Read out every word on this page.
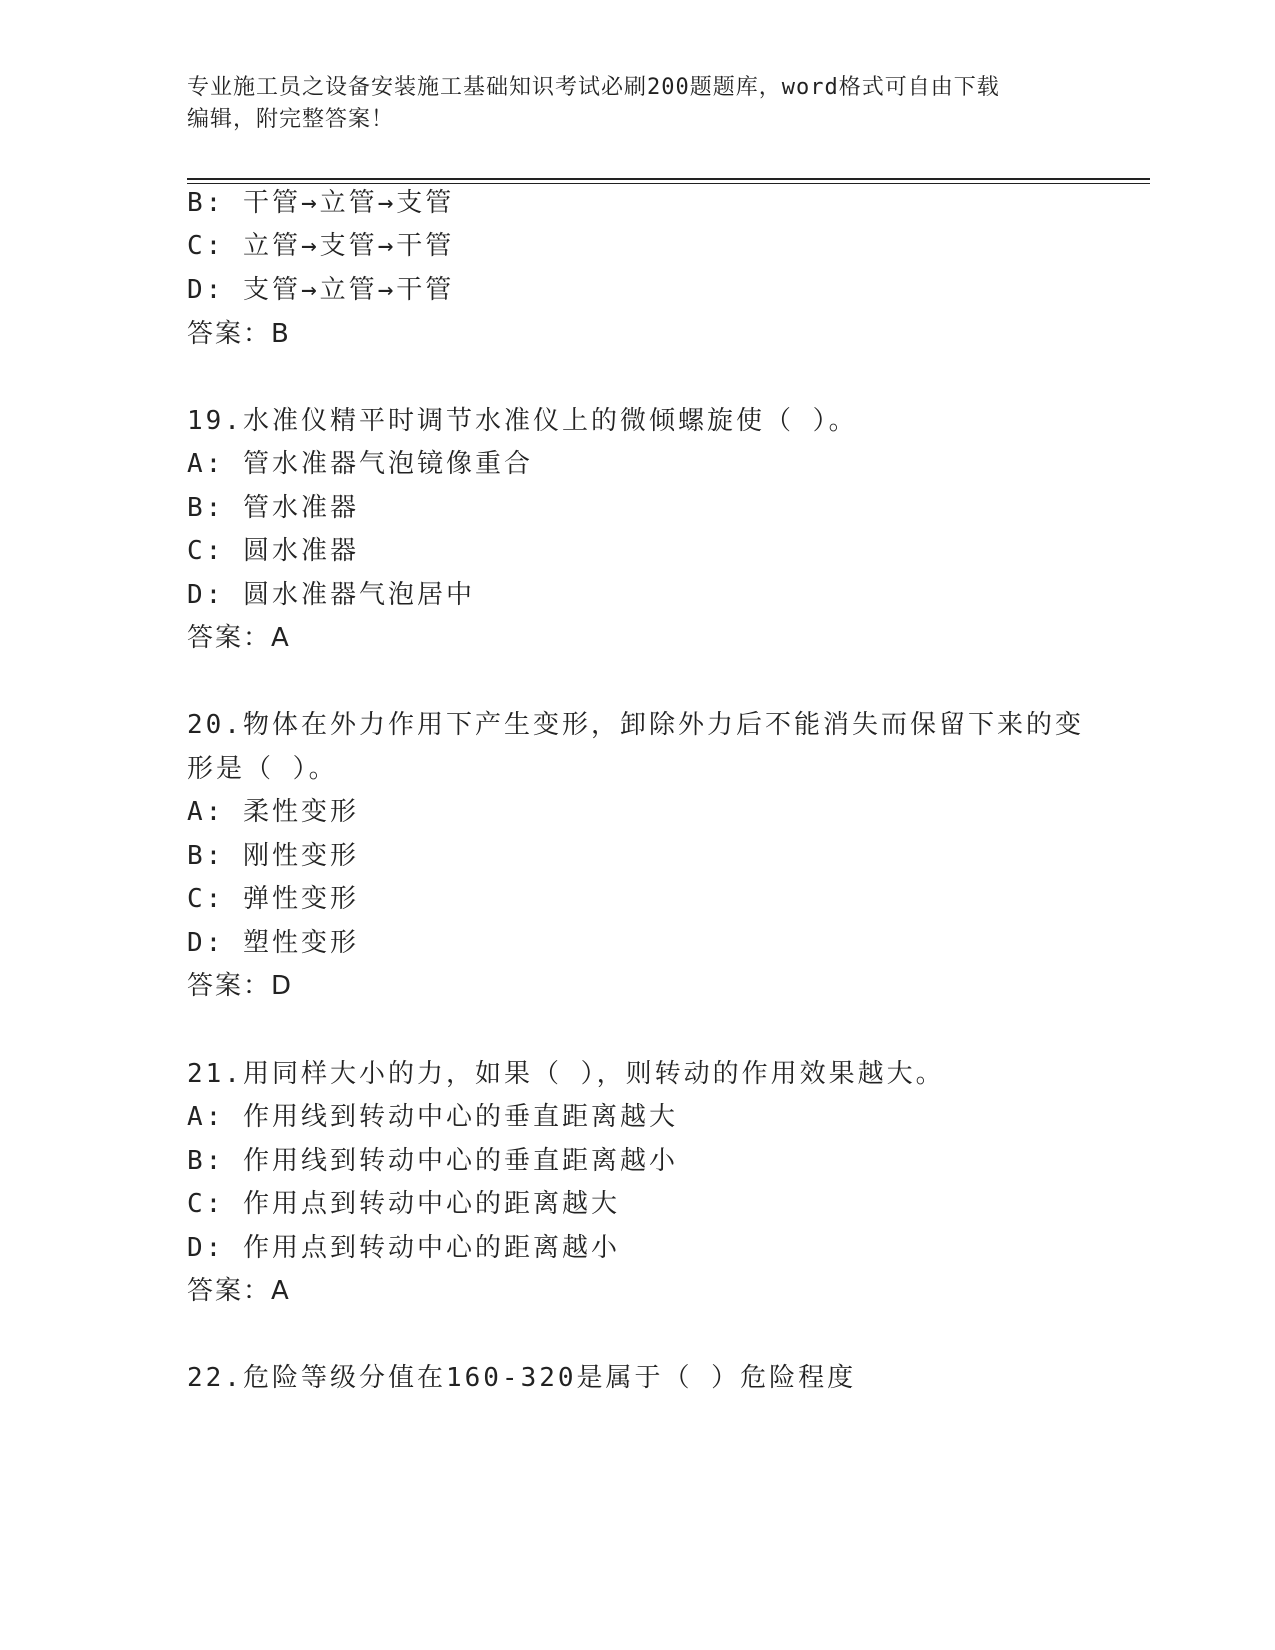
专业施工员之设备安装施工基础知识考试必刷200题题库，word格式可自由下载
编辑，附完整答案！
B: 干管→立管→支管
C: 立管→支管→干管
D: 支管→立管→干管
答案：B
19.水准仪精平时调节水准仪上的微倾螺旋使（ ）。
A: 管水准器气泡镜像重合
B: 管水准器
C: 圆水准器
D: 圆水准器气泡居中
答案：A
20.物体在外力作用下产生变形，卸除外力后不能消失而保留下来的变
形是（ ）。
A: 柔性变形
B: 刚性变形
C: 弹性变形
D: 塑性变形
答案：D
21.用同样大小的力，如果（ ），则转动的作用效果越大。
A: 作用线到转动中心的垂直距离越大
B: 作用线到转动中心的垂直距离越小
C: 作用点到转动中心的距离越大
D: 作用点到转动中心的距离越小
答案：A
22.危险等级分值在160-320是属于（ ）危险程度
